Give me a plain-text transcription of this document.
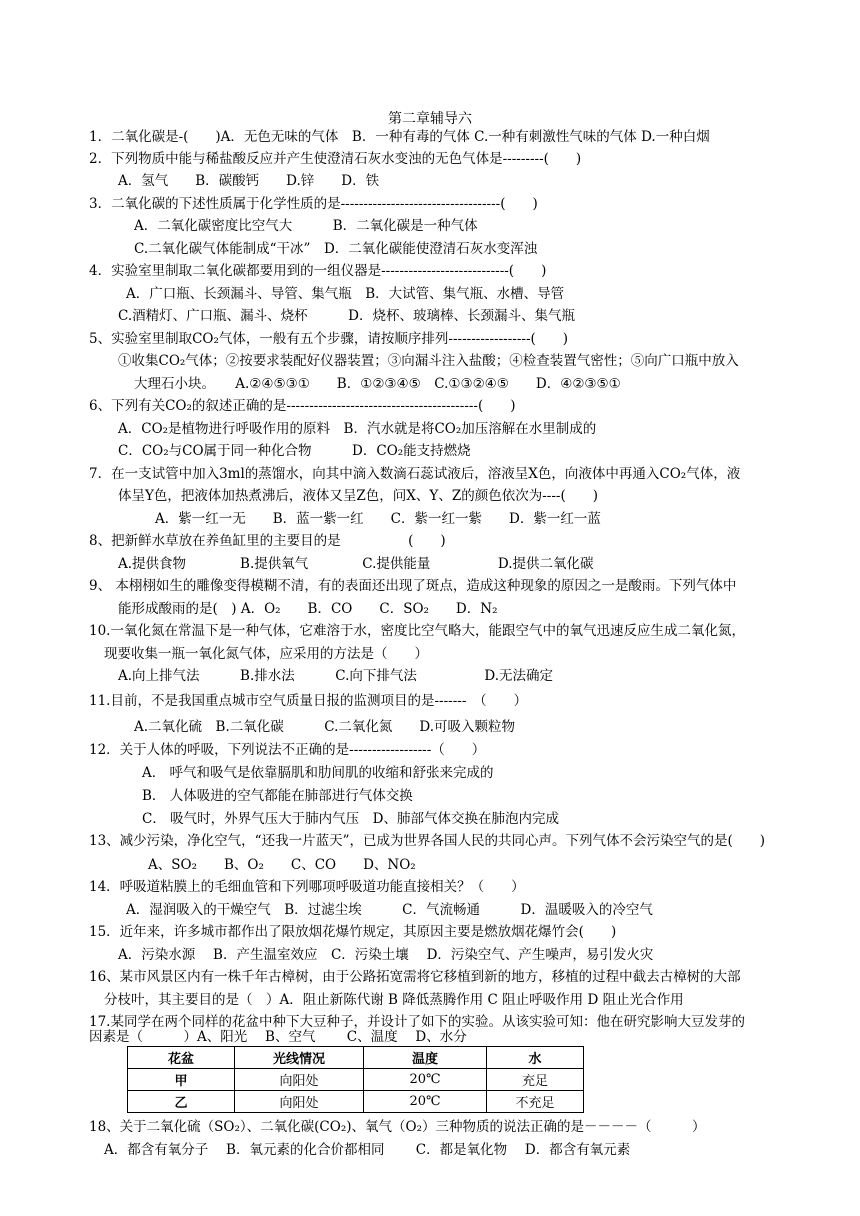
第二章辅导六
1．二氧化碳是-(　　)A．无色无味的气体　B．一种有毒的气体 C.一种有刺激性气味的气体 D.一种白烟
2．下列物质中能与稀盐酸反应并产生使澄清石灰水变浊的无色气体是---------(　　)
A．氢气　　B．碳酸钙　　D.锌　　D．铁
3．二氧化碳的下述性质属于化学性质的是-----------------------------------(　　)
A．二氧化碳密度比空气大　　　B．二氧化碳是一种气体
C.二氧化碳气体能制成“干冰”　D．二氧化碳能使澄清石灰水变浑浊
4．实验室里制取二氧化碳都要用到的一组仪器是----------------------------(　　)
A．广口瓶、长颈漏斗、导管、集气瓶　B．大试管、集气瓶、水槽、导管
C.酒精灯、广口瓶、漏斗、烧杯　　　D．烧杯、玻璃棒、长颈漏斗、集气瓶
5、实验室里制取CO₂气体，一般有五个步骤，请按顺序排列------------------(　　)
①收集CO₂气体；②按要求装配好仪器装置；③向漏斗注入盐酸；④检查装置气密性；⑤向广口瓶中放入
大理石小块。　　A.②④⑤③①　　B．①②③④⑤　C.①③②④⑤　　D．④②③⑤①
6、下列有关CO₂的叙述正确的是------------------------------------------(　　)
A．CO₂是植物进行呼吸作用的原料　B．汽水就是将CO₂加压溶解在水里制成的
C．CO₂与CO属于同一种化合物　　　D．CO₂能支持燃烧
7．在一支试管中加入3ml的蒸馏水，向其中滴入数滴石蕊试液后，溶液呈X色，向液体中再通入CO₂气体，液
体呈Y色，把液体加热煮沸后，液体又呈Z色，问X、Y、Z的颜色依次为----(　　)
A．紫一红一无　　B．蓝一紫一红　　C．紫一红一紫　　D．紫一红一蓝
8、把新鲜水草放在养鱼缸里的主要目的是　　　　　(　　)
A.提供食物　　　　B.提供氧气　　　　C.提供能量　　　　　D.提供二氧化碳
9、 本栩栩如生的雕像变得模糊不清，有的表面还出现了斑点，造成这种现象的原因之一是酸雨。下列气体中
能形成酸雨的是(　) A．O₂　　B．CO　　C．SO₂　　D．N₂
10.一氧化氮在常温下是一种气体，它难溶于水，密度比空气略大，能跟空气中的氧气迅速反应生成二氧化氮，
现要收集一瓶一氧化氮气体，应采用的方法是（　　）
A.向上排气法　　　B.排水法　　　C.向下排气法　　　　　D.无法确定
11.目前，不是我国重点城市空气质量日报的监测项目的是-------　（　　）
A.二氧化硫　B.二氧化碳　　　C.二氧化氮　　D.可吸入颗粒物
12．关于人体的呼吸，下列说法不正确的是------------------（　　）
A． 呼气和吸气是依靠膈肌和肋间肌的收缩和舒张来完成的
B． 人体吸进的空气都能在肺部进行气体交换
C． 吸气时，外界气压大于肺内气压　D、肺部气体交换在肺泡内完成
13、减少污染，净化空气，“还我一片蓝天”，已成为世界各国人民的共同心声。下列气体不会污染空气的是(　　)
A、SO₂　　B、O₂　　C、CO　　D、NO₂
14．呼吸道粘膜上的毛细血管和下列哪项呼吸道功能直接相关？（　　）
A．湿润吸入的干燥空气　B．过滤尘埃　　　C．气流畅通　　　D．温暖吸入的冷空气
15．近年来，许多城市都作出了限放烟花爆竹规定，其原因主要是燃放烟花爆竹会(　　)
A．污染水源　 B．产生温室效应　C．污染土壤　 D．污染空气、产生噪声，易引发火灾
16、某市风景区内有一株千年古樟树，由于公路拓宽需将它移植到新的地方，移植的过程中截去古樟树的大部
分枝叶，其主要目的是（　）A．阻止新陈代谢 B 降低蒸腾作用 C 阻止呼吸作用 D 阻止光合作用
17.某同学在两个同样的花盆中种下大豆种子，并设计了如下的实验。从该实验可知：他在研究影响大豆发芽的
因素是（　　　）A、阳光　 B、空气　　 C、温度　 D、水分
花盆	光线情况	温度	水
甲	向阳处	20℃	充足
乙	向阳处	20℃	不充足
18、关于二氧化硫（SO₂）、二氧化碳(CO₂)、氧气（O₂）三种物质的说法正确的是－－－－（　　　）
A．都含有氧分子　 B．氧元素的化合价都相同　　 C．都是氧化物　 D．都含有氧元素
